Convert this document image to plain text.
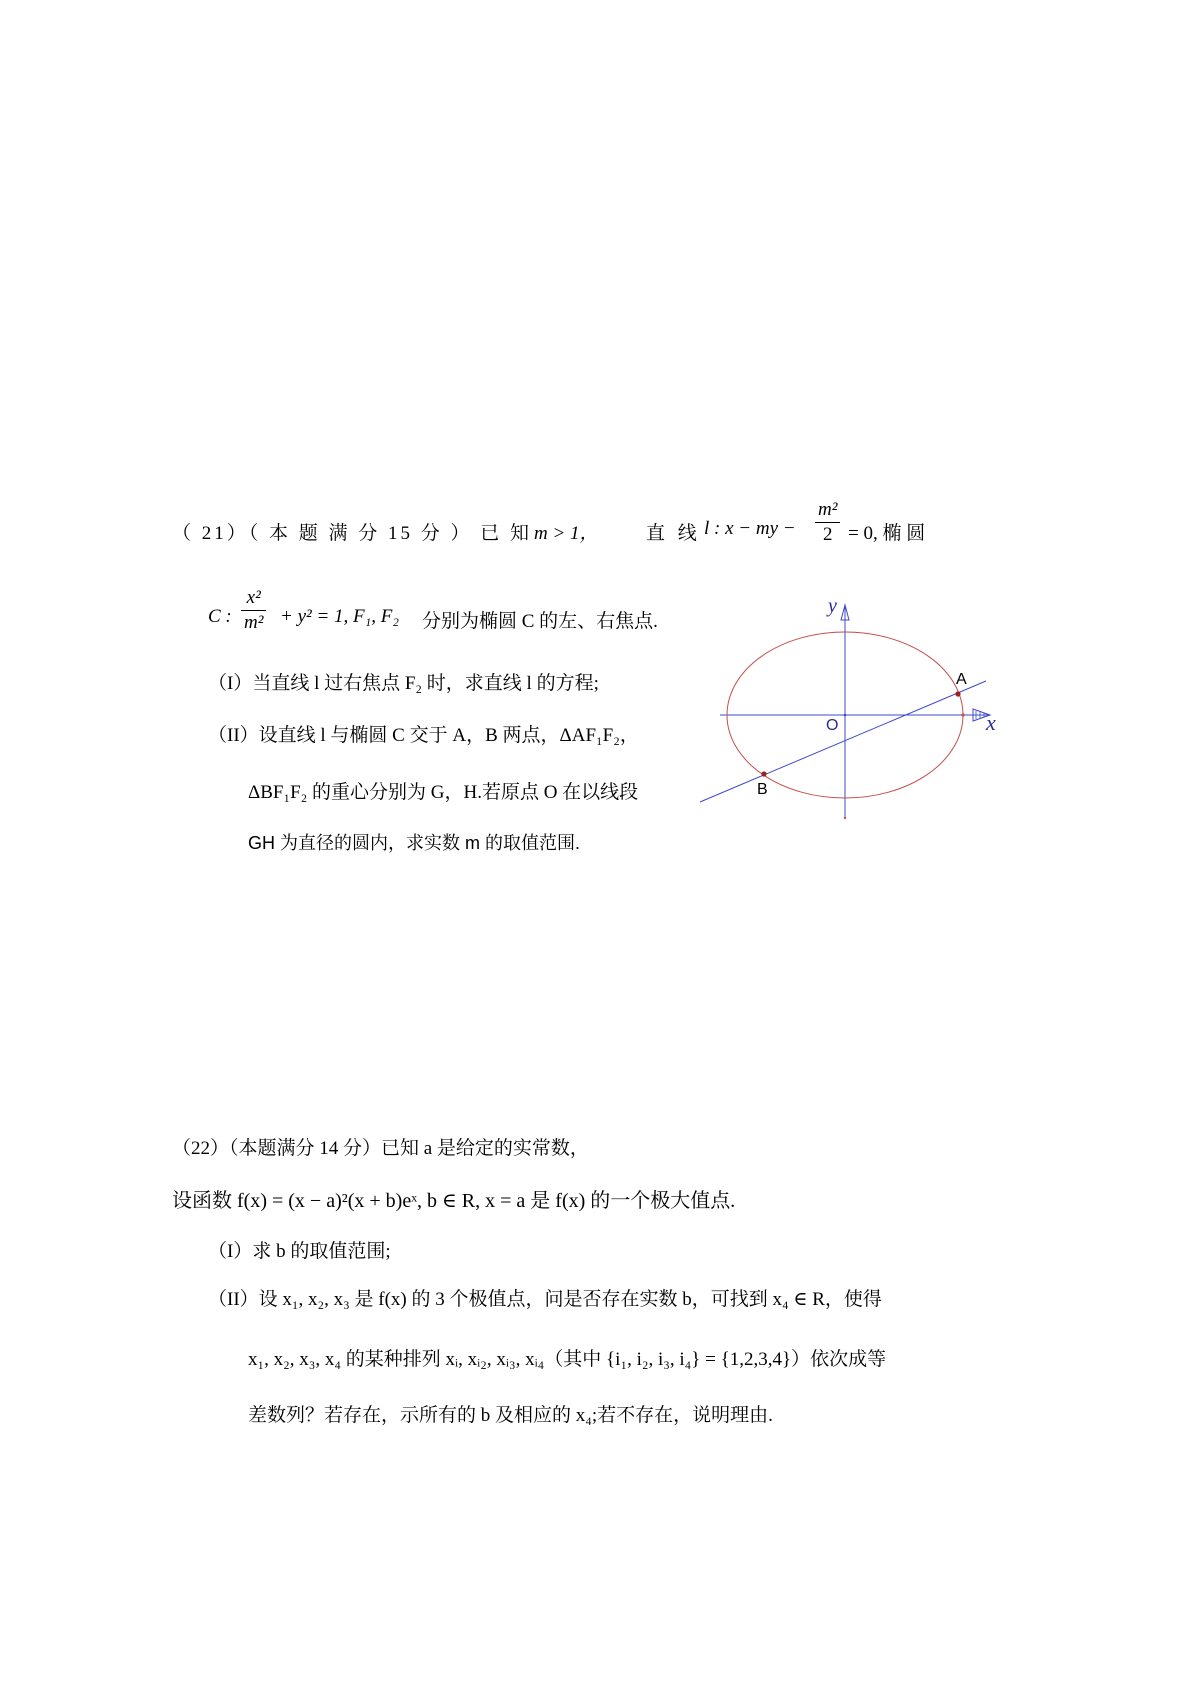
（ 21）（ 本 题 满 分 15 分 ） 已 知 m > 1， 直 线 l : x − my − $\frac{\text{m²}}{2} = 0$, 椭 圆
C : $\frac{\text{x²}}{\text{m²}} + y^2 = 1$, F₁, F₂ 分别为椭圆 C 的左、右焦点.
（I）当直线 l 过右焦点 F₂ 时，求直线 l 的方程;
（II）设直线 l 与椭圆 C 交于 A，B 两点，ΔAF₁F₂，
ΔBF₁F₂ 的重心分别为 G，H.若原点 O 在以线段
GH 为直径的圆内，求实数 m 的取值范围.
y
x
O
A
B
（22）（本题满分 14 分）已知 a 是给定的实常数，
设函数 f(x) = (x − a)²(x + b)eˣ, b ∈ R, x = a 是 f(x) 的一个极大值点.
（I）求 b 的取值范围;
（II）设 x₁, x₂, x₃ 是 f(x) 的 3 个极值点，问是否存在实数 b，可找到 x₄ ∈ R，使得
x₁, x₂, x₃, x₄ 的某种排列 xᵢ, xᵢ₂, xᵢ₃, xᵢ₄（其中 {i₁, i₂, i₃, i₄} = {1,2,3,4}）依次成等
差数列？若存在，示所有的 b 及相应的 x₄;若不存在，说明理由.
